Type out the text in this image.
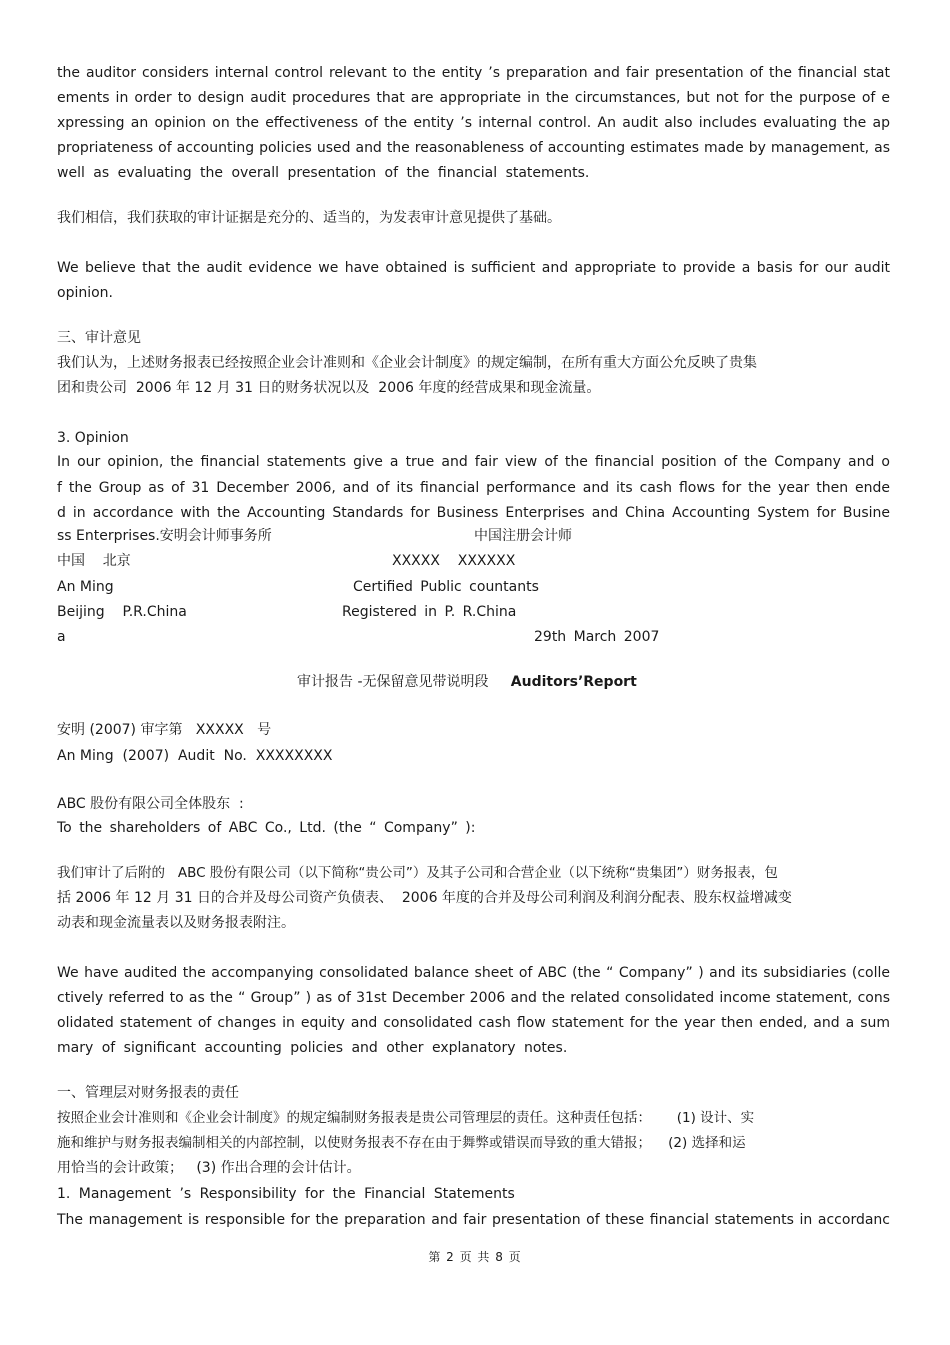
the auditor considers internal control relevant to the entity ’s preparation and fair presentation of the financial stat
ements in order to design audit procedures that are appropriate in the circumstances, but not for the purpose of e
xpressing an opinion on the effectiveness of the entity ’s internal control. An audit also includes evaluating the ap
propriateness of accounting policies used and the reasonableness of accounting estimates made by management, as
well as evaluating the overall presentation of the financial statements.
我们相信，我们获取的审计证据是充分的、适当的，为发表审计意见提供了基础。
We believe that the audit evidence we have obtained is sufficient and appropriate to provide a basis for our audit
opinion.
三、审计意见
我们认为，上述财务报表已经按照企业会计准则和《企业会计制度》的规定编制，在所有重大方面公允反映了贵集
团和贵公司  2006 年 12 月 31 日的财务状况以及  2006 年度的经营成果和现金流量。
3. Opinion
In our opinion, the financial statements give a true and fair view of the financial position of the Company and o
f the Group as of 31 December 2006, and of its financial performance and its cash flows for the year then ende
d in accordance with the Accounting Standards for Business Enterprises and China Accounting System for Busine
ss Enterprises.安明会计师事务所	中国注册会计师
中国    北京	XXXXX    XXXXXX
An Ming	Certified Public countants
Beijing    P.R.China	Registered in P. R.China
a	29th March 2007
审计报告 -无保留意见带说明段 Auditors’Report
安明 (2007) 审字第   XXXXX   号
An Ming  (2007)  Audit  No.  XXXXXXXX
ABC 股份有限公司全体股东  :
To the shareholders of ABC Co., Ltd. (the “ Company” ):
我们审计了后附的   ABC 股份有限公司（以下简称“贵公司”）及其子公司和合营企业（以下统称“贵集团”）财务报表，包
括 2006 年 12 月 31 日的合并及母公司资产负债表、  2006 年度的合并及母公司利润及利润分配表、股东权益增减变
动表和现金流量表以及财务报表附注。
We have audited the accompanying consolidated balance sheet of ABC (the “ Company” ) and its subsidiaries (colle
ctively referred to as the “ Group” ) as of 31st December 2006 and the related consolidated income statement, cons
olidated statement of changes in equity and consolidated cash flow statement for the year then ended, and a sum
mary of significant accounting policies and other explanatory notes.
一、管理层对财务报表的责任
按照企业会计准则和《企业会计制度》的规定编制财务报表是贵公司管理层的责任。这种责任包括：      (1) 设计、实
施和维护与财务报表编制相关的内部控制，以使财务报表不存在由于舞弊或错误而导致的重大错报；    (2) 选择和运
用恰当的会计政策；   (3) 作出合理的会计估计。
1. Management ’s Responsibility for the Financial Statements
The management is responsible for the preparation and fair presentation of these financial statements in accordanc
第 2 页 共 8 页
